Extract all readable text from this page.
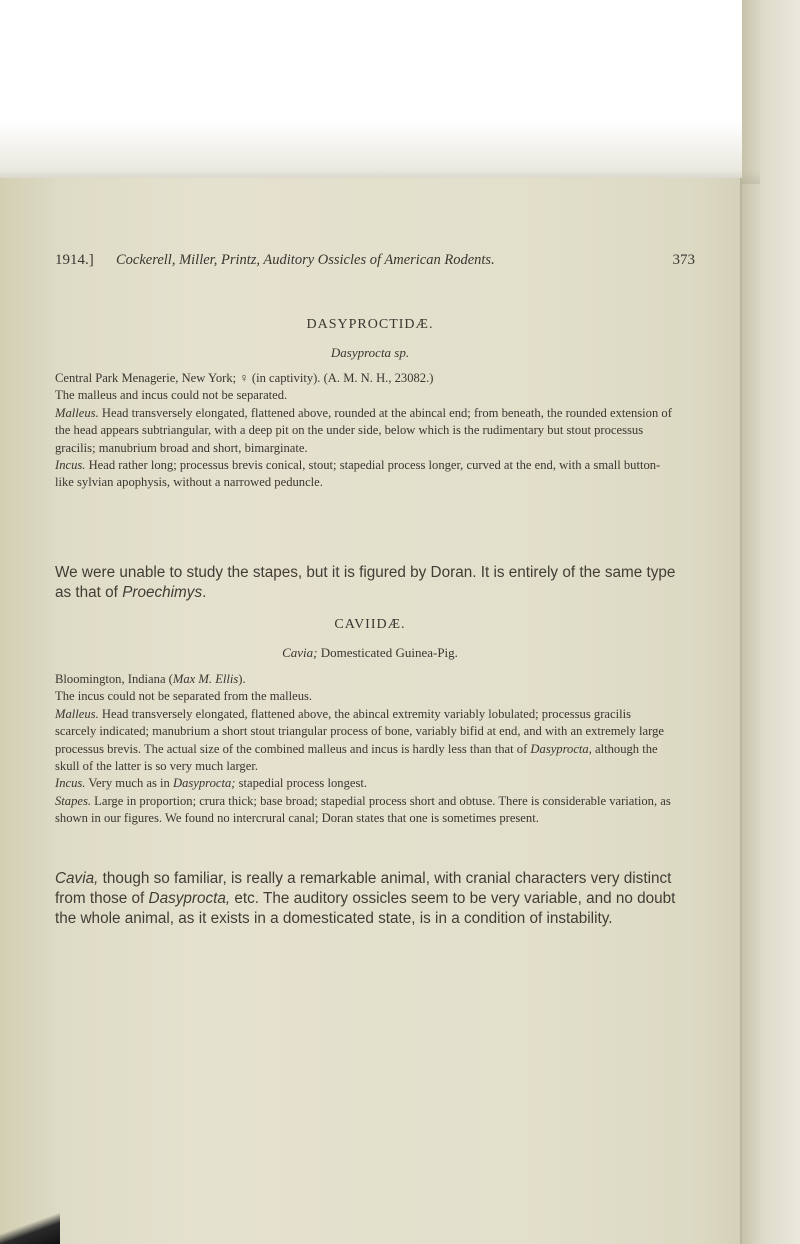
1914.] Cockerell, Miller, Printz, Auditory Ossicles of American Rodents.	373
DASYPROCTIDÆ.
Dasyprocta sp.

Central Park Menagerie, New York; ♀ (in captivity). (A. M. N. H., 23082.)

The malleus and incus could not be separated.

Malleus. Head transversely elongated, flattened above, rounded at the abincal end; from beneath, the rounded extension of the head appears subtriangular, with a deep pit on the under side, below which is the rudimentary but stout processus gracilis; manubrium broad and short, bimarginate.

Incus. Head rather long; processus brevis conical, stout; stapedial process longer, curved at the end, with a small button-like sylvian apophysis, without a narrowed peduncle.

We were unable to study the stapes, but it is figured by Doran. It is entirely of the same type as that of Proechimys.

CAVIIDÆ.
Cavia; Domesticated Guinea-Pig.

Bloomington, Indiana (Max M. Ellis).

The incus could not be separated from the malleus.

Malleus. Head transversely elongated, flattened above, the abincal extremity variably lobulated; processus gracilis scarcely indicated; manubrium a short stout triangular process of bone, variably bifid at end, and with an extremely large processus brevis. The actual size of the combined malleus and incus is hardly less than that of Dasyprocta, although the skull of the latter is so very much larger.

Incus. Very much as in Dasyprocta; stapedial process longest.

Stapes. Large in proportion; crura thick; base broad; stapedial process short and obtuse. There is considerable variation, as shown in our figures. We found no intercrural canal; Doran states that one is sometimes present.

Cavia, though so familiar, is really a remarkable animal, with cranial characters very distinct from those of Dasyprocta, etc. The auditory ossicles seem to be very variable, and no doubt the whole animal, as it exists in a domesticated state, is in a condition of instability.
